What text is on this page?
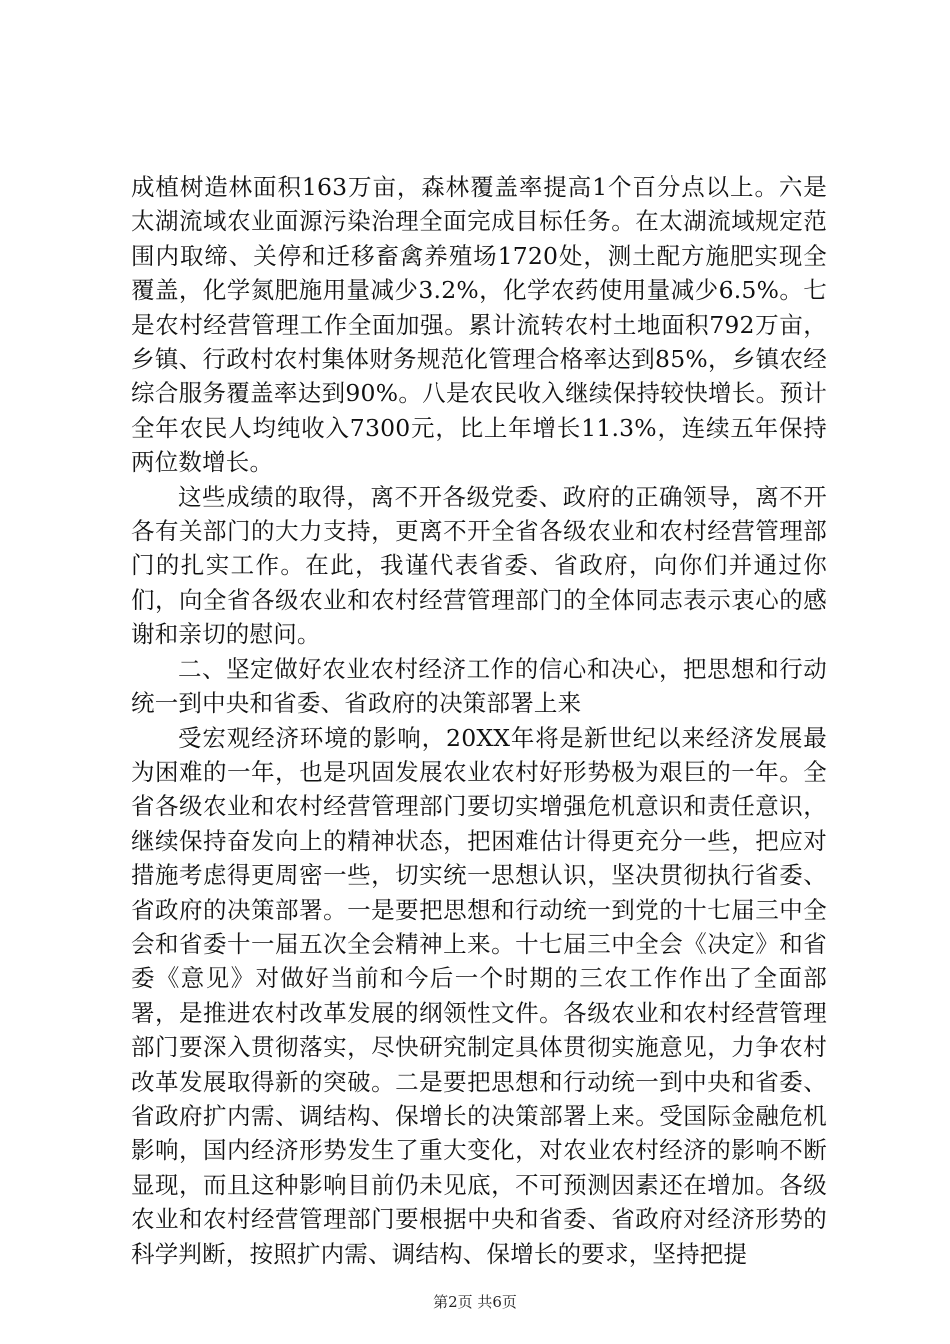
成植树造林面积163万亩，森林覆盖率提高1个百分点以上。六是太湖流域农业面源污染治理全面完成目标任务。在太湖流域规定范围内取缔、关停和迁移畜禽养殖场1720处，测土配方施肥实现全覆盖，化学氮肥施用量减少3.2%，化学农药使用量减少6.5%。七是农村经营管理工作全面加强。累计流转农村土地面积792万亩，乡镇、行政村农村集体财务规范化管理合格率达到85%，乡镇农经综合服务覆盖率达到90%。八是农民收入继续保持较快增长。预计全年农民人均纯收入7300元，比上年增长11.3%，连续五年保持两位数增长。

这些成绩的取得，离不开各级党委、政府的正确领导，离不开各有关部门的大力支持，更离不开全省各级农业和农村经营管理部门的扎实工作。在此，我谨代表省委、省政府，向你们并通过你们，向全省各级农业和农村经营管理部门的全体同志表示衷心的感谢和亲切的慰问。

二、坚定做好农业农村经济工作的信心和决心，把思想和行动统一到中央和省委、省政府的决策部署上来

受宏观经济环境的影响，20XX年将是新世纪以来经济发展最为困难的一年，也是巩固发展农业农村好形势极为艰巨的一年。全省各级农业和农村经营管理部门要切实增强危机意识和责任意识，继续保持奋发向上的精神状态，把困难估计得更充分一些，把应对措施考虑得更周密一些，切实统一思想认识，坚决贯彻执行省委、省政府的决策部署。一是要把思想和行动统一到党的十七届三中全会和省委十一届五次全会精神上来。十七届三中全会《决定》和省委《意见》对做好当前和今后一个时期的三农工作作出了全面部署，是推进农村改革发展的纲领性文件。各级农业和农村经营管理部门要深入贯彻落实，尽快研究制定具体贯彻实施意见，力争农村改革发展取得新的突破。二是要把思想和行动统一到中央和省委、省政府扩内需、调结构、保增长的决策部署上来。受国际金融危机影响，国内经济形势发生了重大变化，对农业农村经济的影响不断显现，而且这种影响目前仍未见底，不可预测因素还在增加。各级农业和农村经营管理部门要根据中央和省委、省政府对经济形势的科学判断，按照扩内需、调结构、保增长的要求，坚持把提

第2页 共6页
